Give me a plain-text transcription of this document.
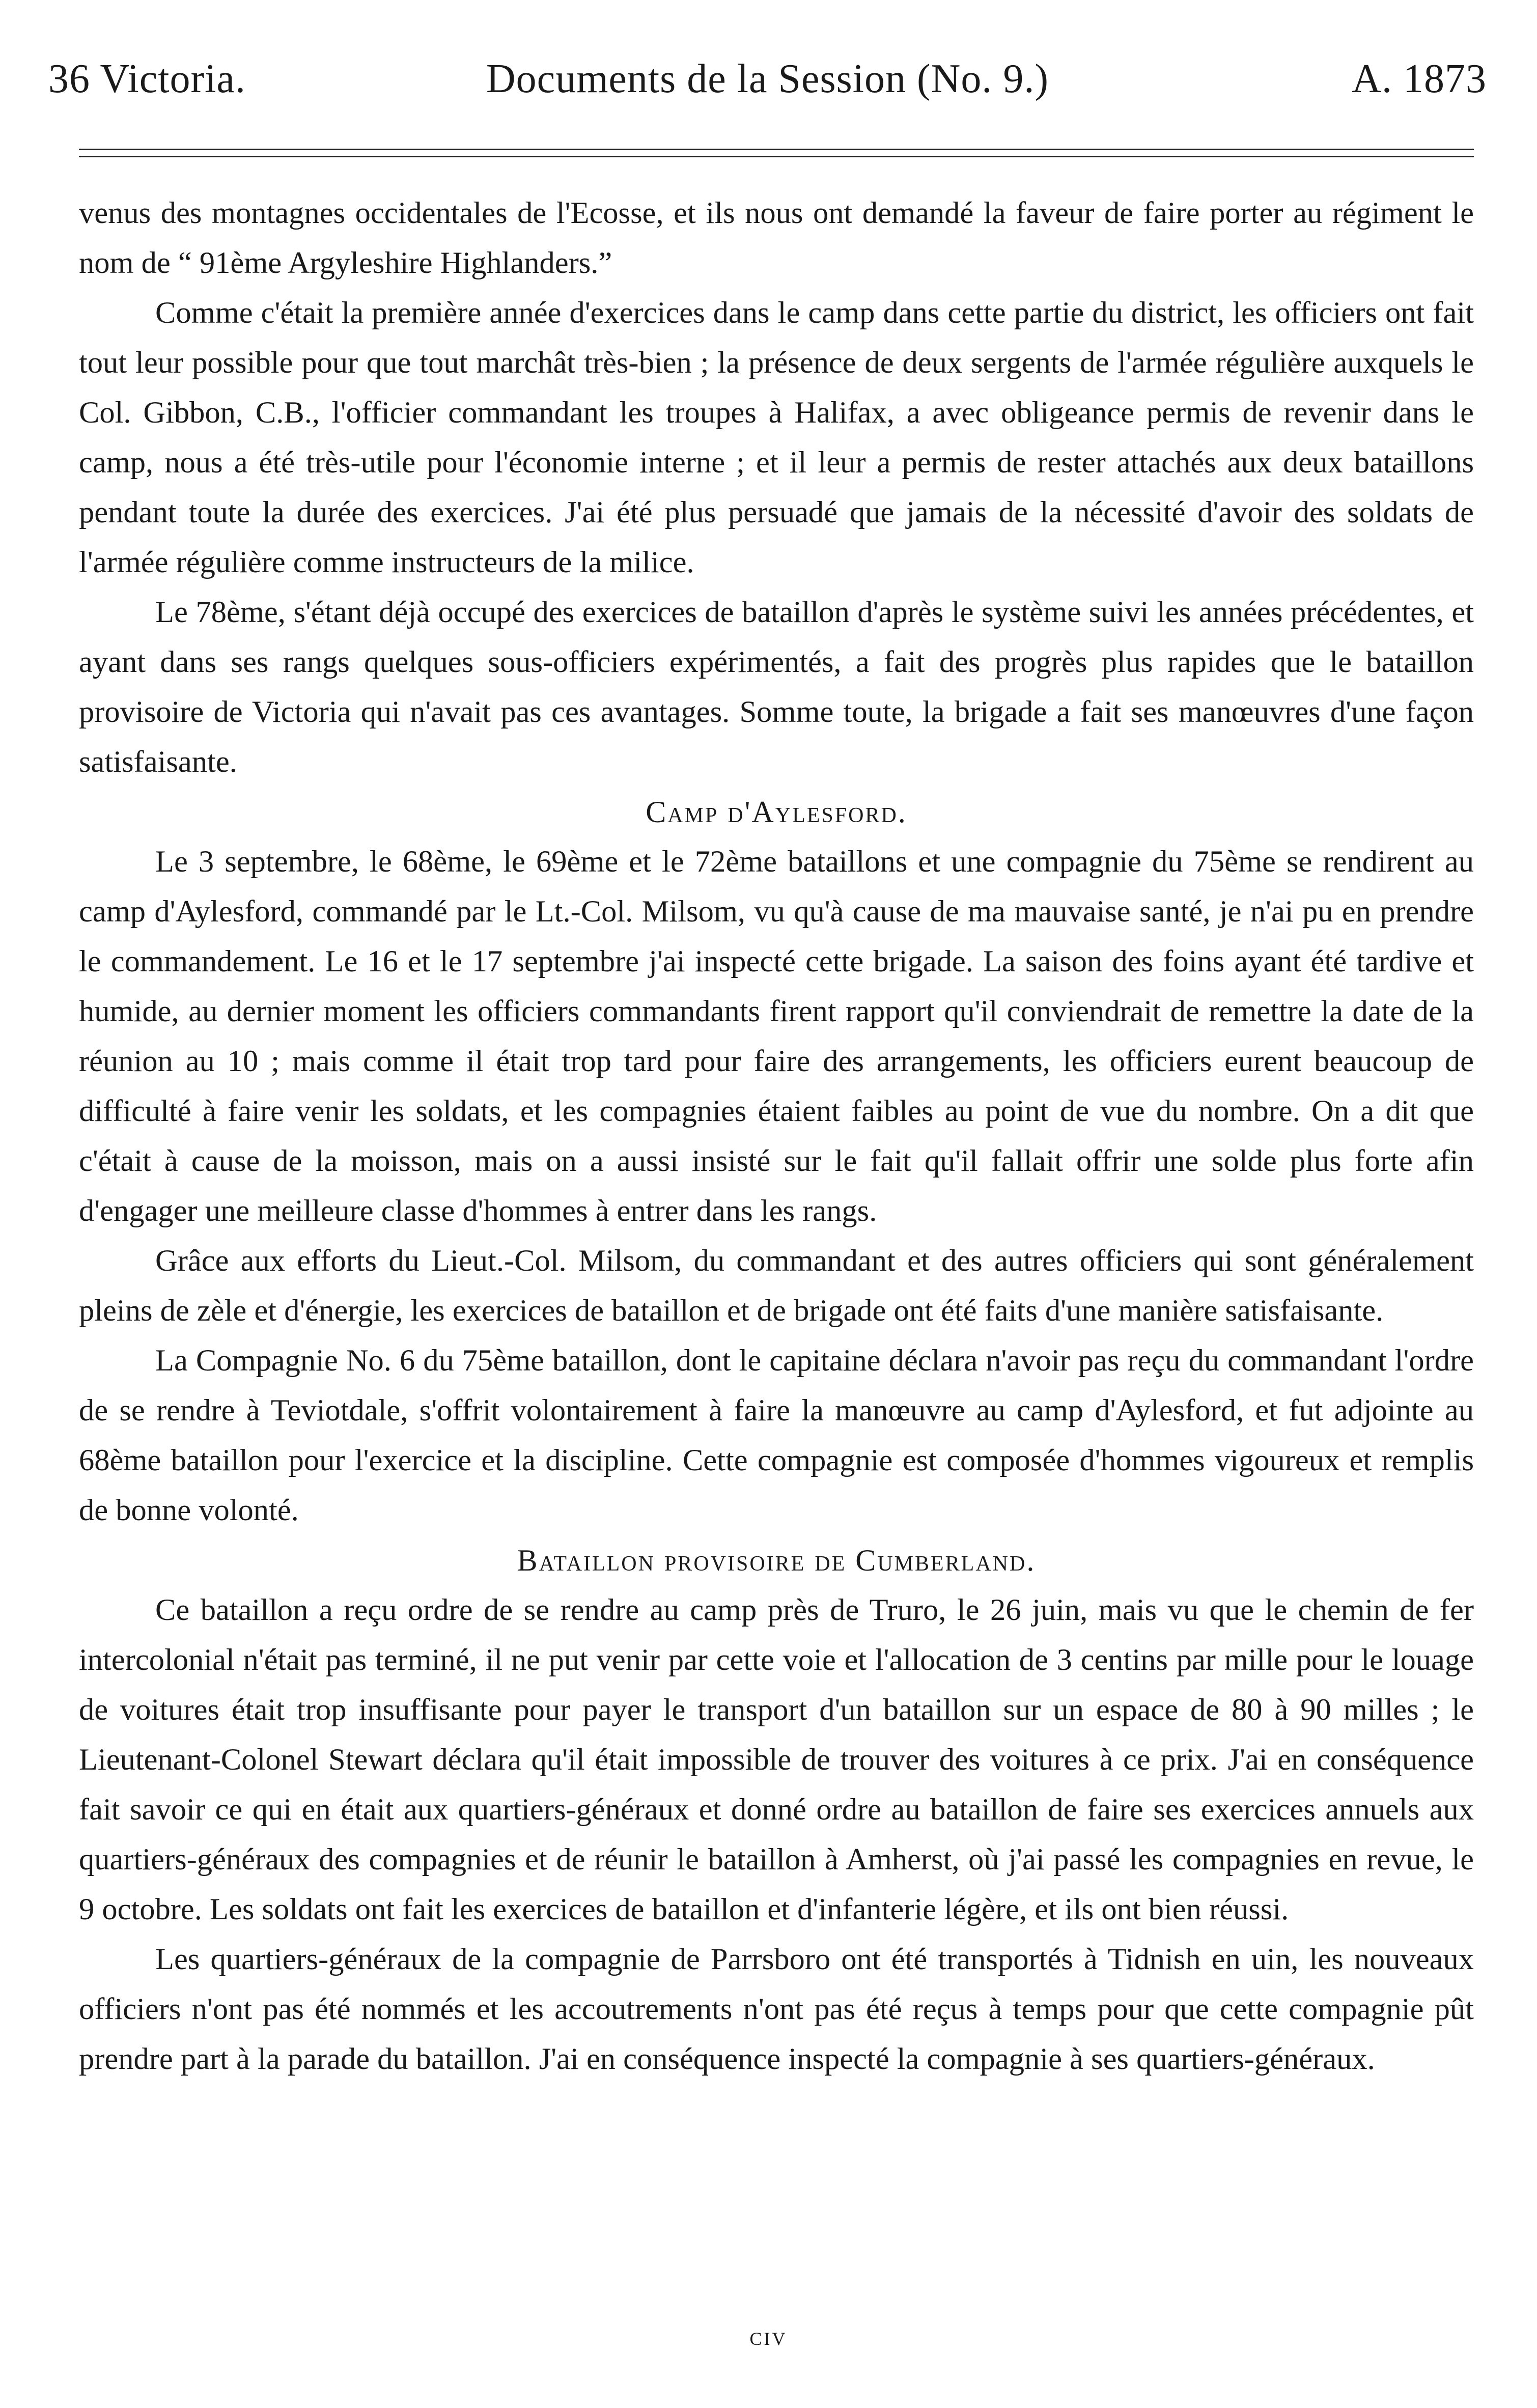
36 Victoria.	Documents de la Session (No. 9.)	A. 1873

venus des montagnes occidentales de l'Ecosse, et ils nous ont demandé la faveur de faire porter au régiment le nom de “ 91ème Argyleshire Highlanders.”

Comme c'était la première année d'exercices dans le camp dans cette partie du district, les officiers ont fait tout leur possible pour que tout marchât très-bien ; la présence de deux sergents de l'armée régulière auxquels le Col. Gibbon, C.B., l'officier commandant les troupes à Halifax, a avec obligeance permis de revenir dans le camp, nous a été très-utile pour l'économie interne ; et il leur a permis de rester attachés aux deux bataillons pendant toute la durée des exercices. J'ai été plus persuadé que jamais de la nécessité d'avoir des soldats de l'armée régulière comme instructeurs de la milice.

Le 78ème, s'étant déjà occupé des exercices de bataillon d'après le système suivi les années précédentes, et ayant dans ses rangs quelques sous-officiers expérimentés, a fait des progrès plus rapides que le bataillon provisoire de Victoria qui n'avait pas ces avantages. Somme toute, la brigade a fait ses manœuvres d'une façon satisfaisante.

Camp d'Aylesford.

Le 3 septembre, le 68ème, le 69ème et le 72ème bataillons et une compagnie du 75ème se rendirent au camp d'Aylesford, commandé par le Lt.-Col. Milsom, vu qu'à cause de ma mauvaise santé, je n'ai pu en prendre le commandement. Le 16 et le 17 septembre j'ai inspecté cette brigade. La saison des foins ayant été tardive et humide, au dernier moment les officiers commandants firent rapport qu'il conviendrait de remettre la date de la réunion au 10 ; mais comme il était trop tard pour faire des arrangements, les officiers eurent beaucoup de difficulté à faire venir les soldats, et les compagnies étaient faibles au point de vue du nombre. On a dit que c'était à cause de la moisson, mais on a aussi insisté sur le fait qu'il fallait offrir une solde plus forte afin d'engager une meilleure classe d'hommes à entrer dans les rangs.

Grâce aux efforts du Lieut.-Col. Milsom, du commandant et des autres officiers qui sont généralement pleins de zèle et d'énergie, les exercices de bataillon et de brigade ont été faits d'une manière satisfaisante.

La Compagnie No. 6 du 75ème bataillon, dont le capitaine déclara n'avoir pas reçu du commandant l'ordre de se rendre à Teviotdale, s'offrit volontairement à faire la manœuvre au camp d'Aylesford, et fut adjointe au 68ème bataillon pour l'exercice et la discipline. Cette compagnie est composée d'hommes vigoureux et remplis de bonne volonté.

Bataillon provisoire de Cumberland.

Ce bataillon a reçu ordre de se rendre au camp près de Truro, le 26 juin, mais vu que le chemin de fer intercolonial n'était pas terminé, il ne put venir par cette voie et l'allocation de 3 centins par mille pour le louage de voitures était trop insuffisante pour payer le transport d'un bataillon sur un espace de 80 à 90 milles ; le Lieutenant-Colonel Stewart déclara qu'il était impossible de trouver des voitures à ce prix. J'ai en conséquence fait savoir ce qui en était aux quartiers-généraux et donné ordre au bataillon de faire ses exercices annuels aux quartiers-généraux des compagnies et de réunir le bataillon à Amherst, où j'ai passé les compagnies en revue, le 9 octobre. Les soldats ont fait les exercices de bataillon et d'infanterie légère, et ils ont bien réussi.

Les quartiers-généraux de la compagnie de Parrsboro ont été transportés à Tidnish en uin, les nouveaux officiers n'ont pas été nommés et les accoutrements n'ont pas été reçus à temps pour que cette compagnie pût prendre part à la parade du bataillon. J'ai en conséquence inspecté la compagnie à ses quartiers-généraux.

civ
